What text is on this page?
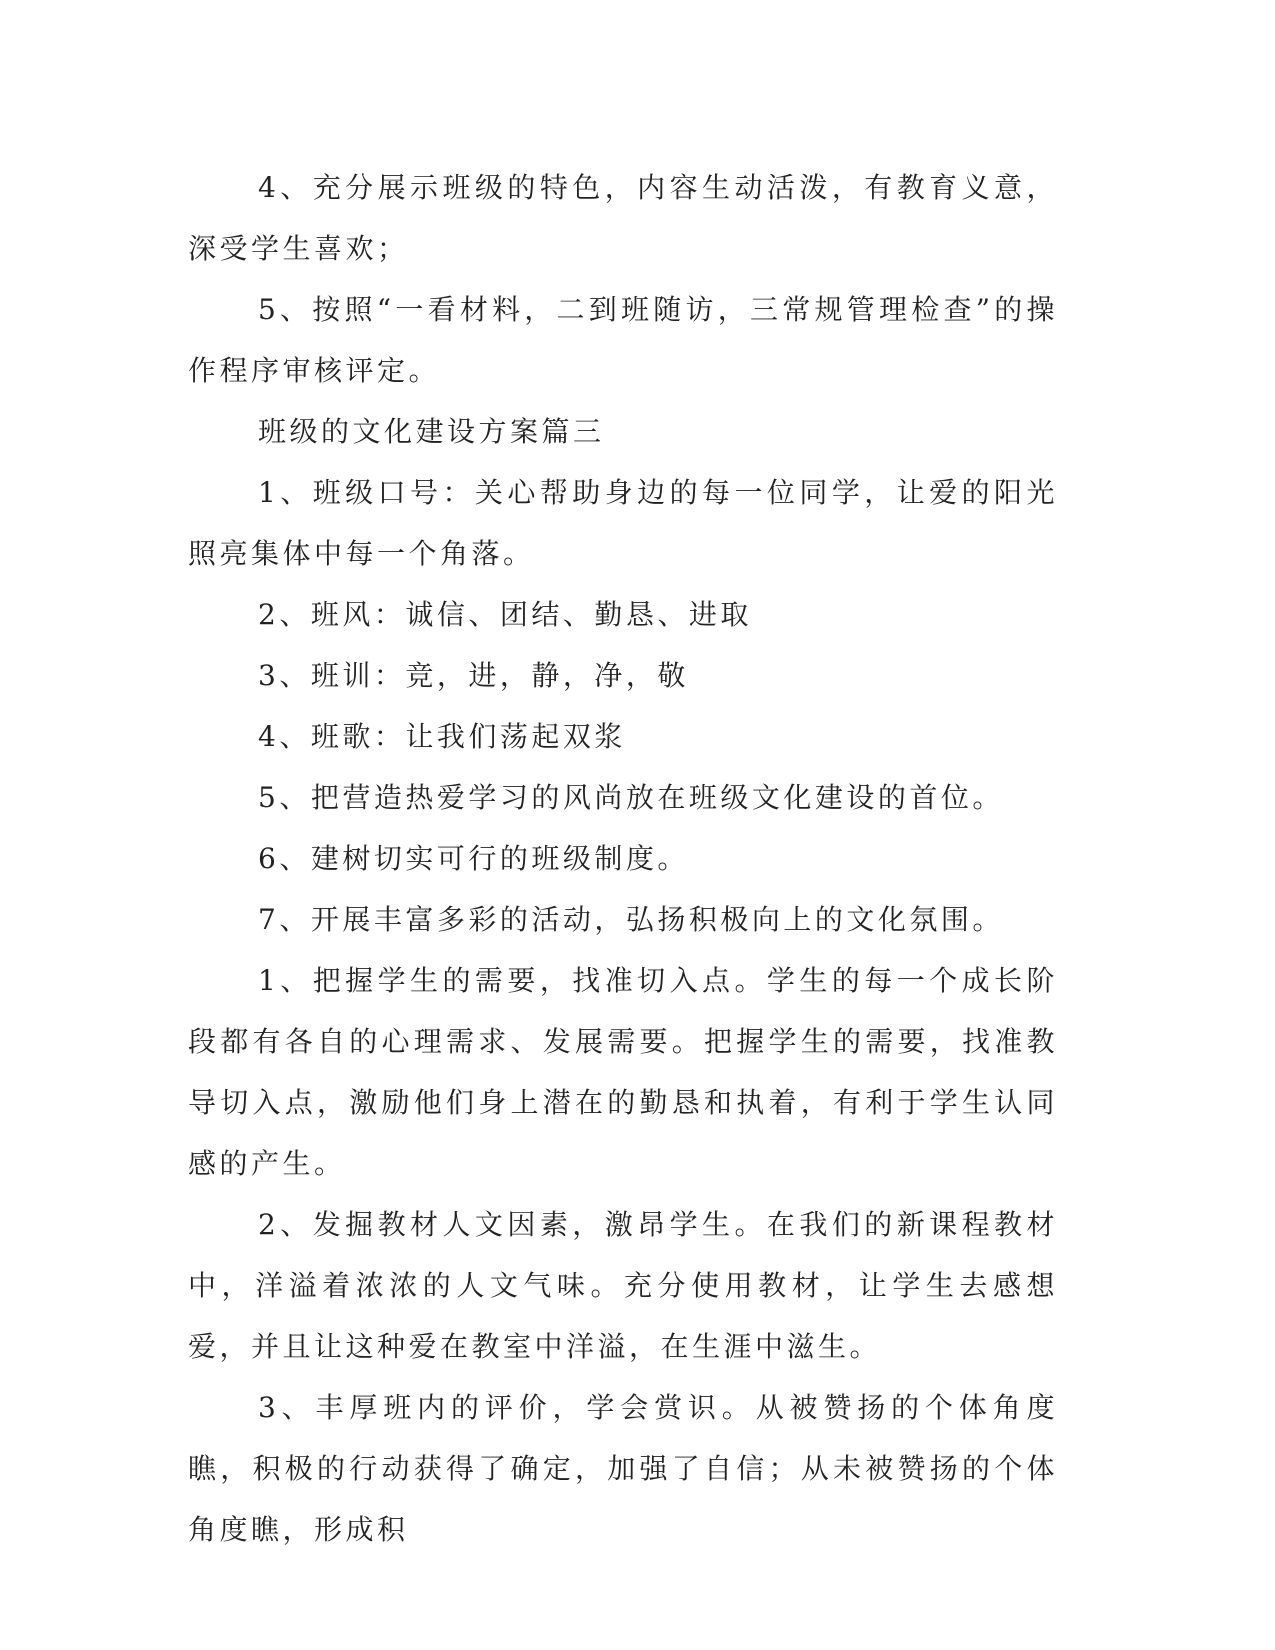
4、充分展示班级的特色，内容生动活泼，有教育义意，深受学生喜欢；

5、按照“一看材料，二到班随访，三常规管理检查”的操作程序审核评定。

班级的文化建设方案篇三

1、班级口号：关心帮助身边的每一位同学，让爱的阳光照亮集体中每一个角落。

2、班风：诚信、团结、勤恳、进取

3、班训：竞，进，静，净，敬

4、班歌：让我们荡起双浆

5、把营造热爱学习的风尚放在班级文化建设的首位。

6、建树切实可行的班级制度。

7、开展丰富多彩的活动，弘扬积极向上的文化氛围。

1、把握学生的需要，找准切入点。学生的每一个成长阶段都有各自的心理需求、发展需要。把握学生的需要，找准教导切入点，激励他们身上潜在的勤恳和执着，有利于学生认同感的产生。

2、发掘教材人文因素，激昂学生。在我们的新课程教材中，洋溢着浓浓的人文气味。充分使用教材，让学生去感想爱，并且让这种爱在教室中洋溢，在生涯中滋生。

3、丰厚班内的评价，学会赏识。从被赞扬的个体角度瞧，积极的行动获得了确定，加强了自信；从未被赞扬的个体角度瞧，形成积
